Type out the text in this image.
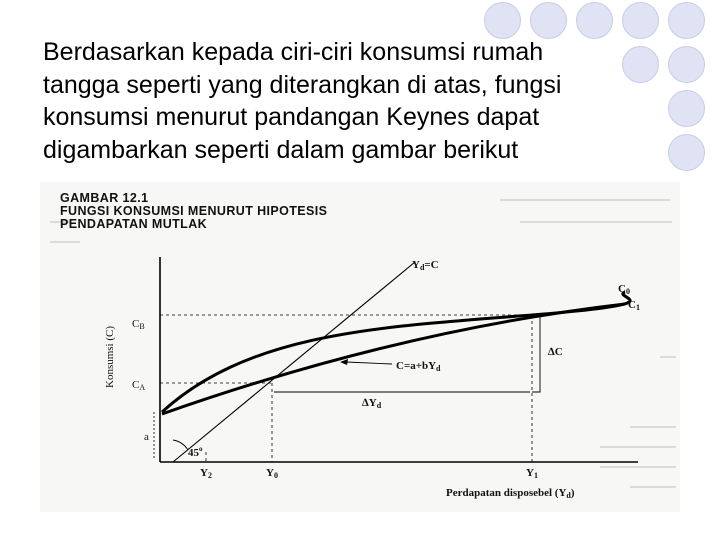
Berdasarkan kepada ciri-ciri konsumsi rumah
tangga seperti yang diterangkan di atas, fungsi
konsumsi menurut pandangan Keynes dapat
digambarkan seperti dalam gambar berikut
GAMBAR 12.1
FUNGSI KONSUMSI MENURUT HIPOTESIS
PENDAPATAN MUTLAK
Konsumsi (C)
CB
CA
a
45$^o$
Y2	Y0	Y1
Perdapatan disposebel (Yd)
Yd=C
C0
C1
∆C
∆Yd
C=a+bYd
